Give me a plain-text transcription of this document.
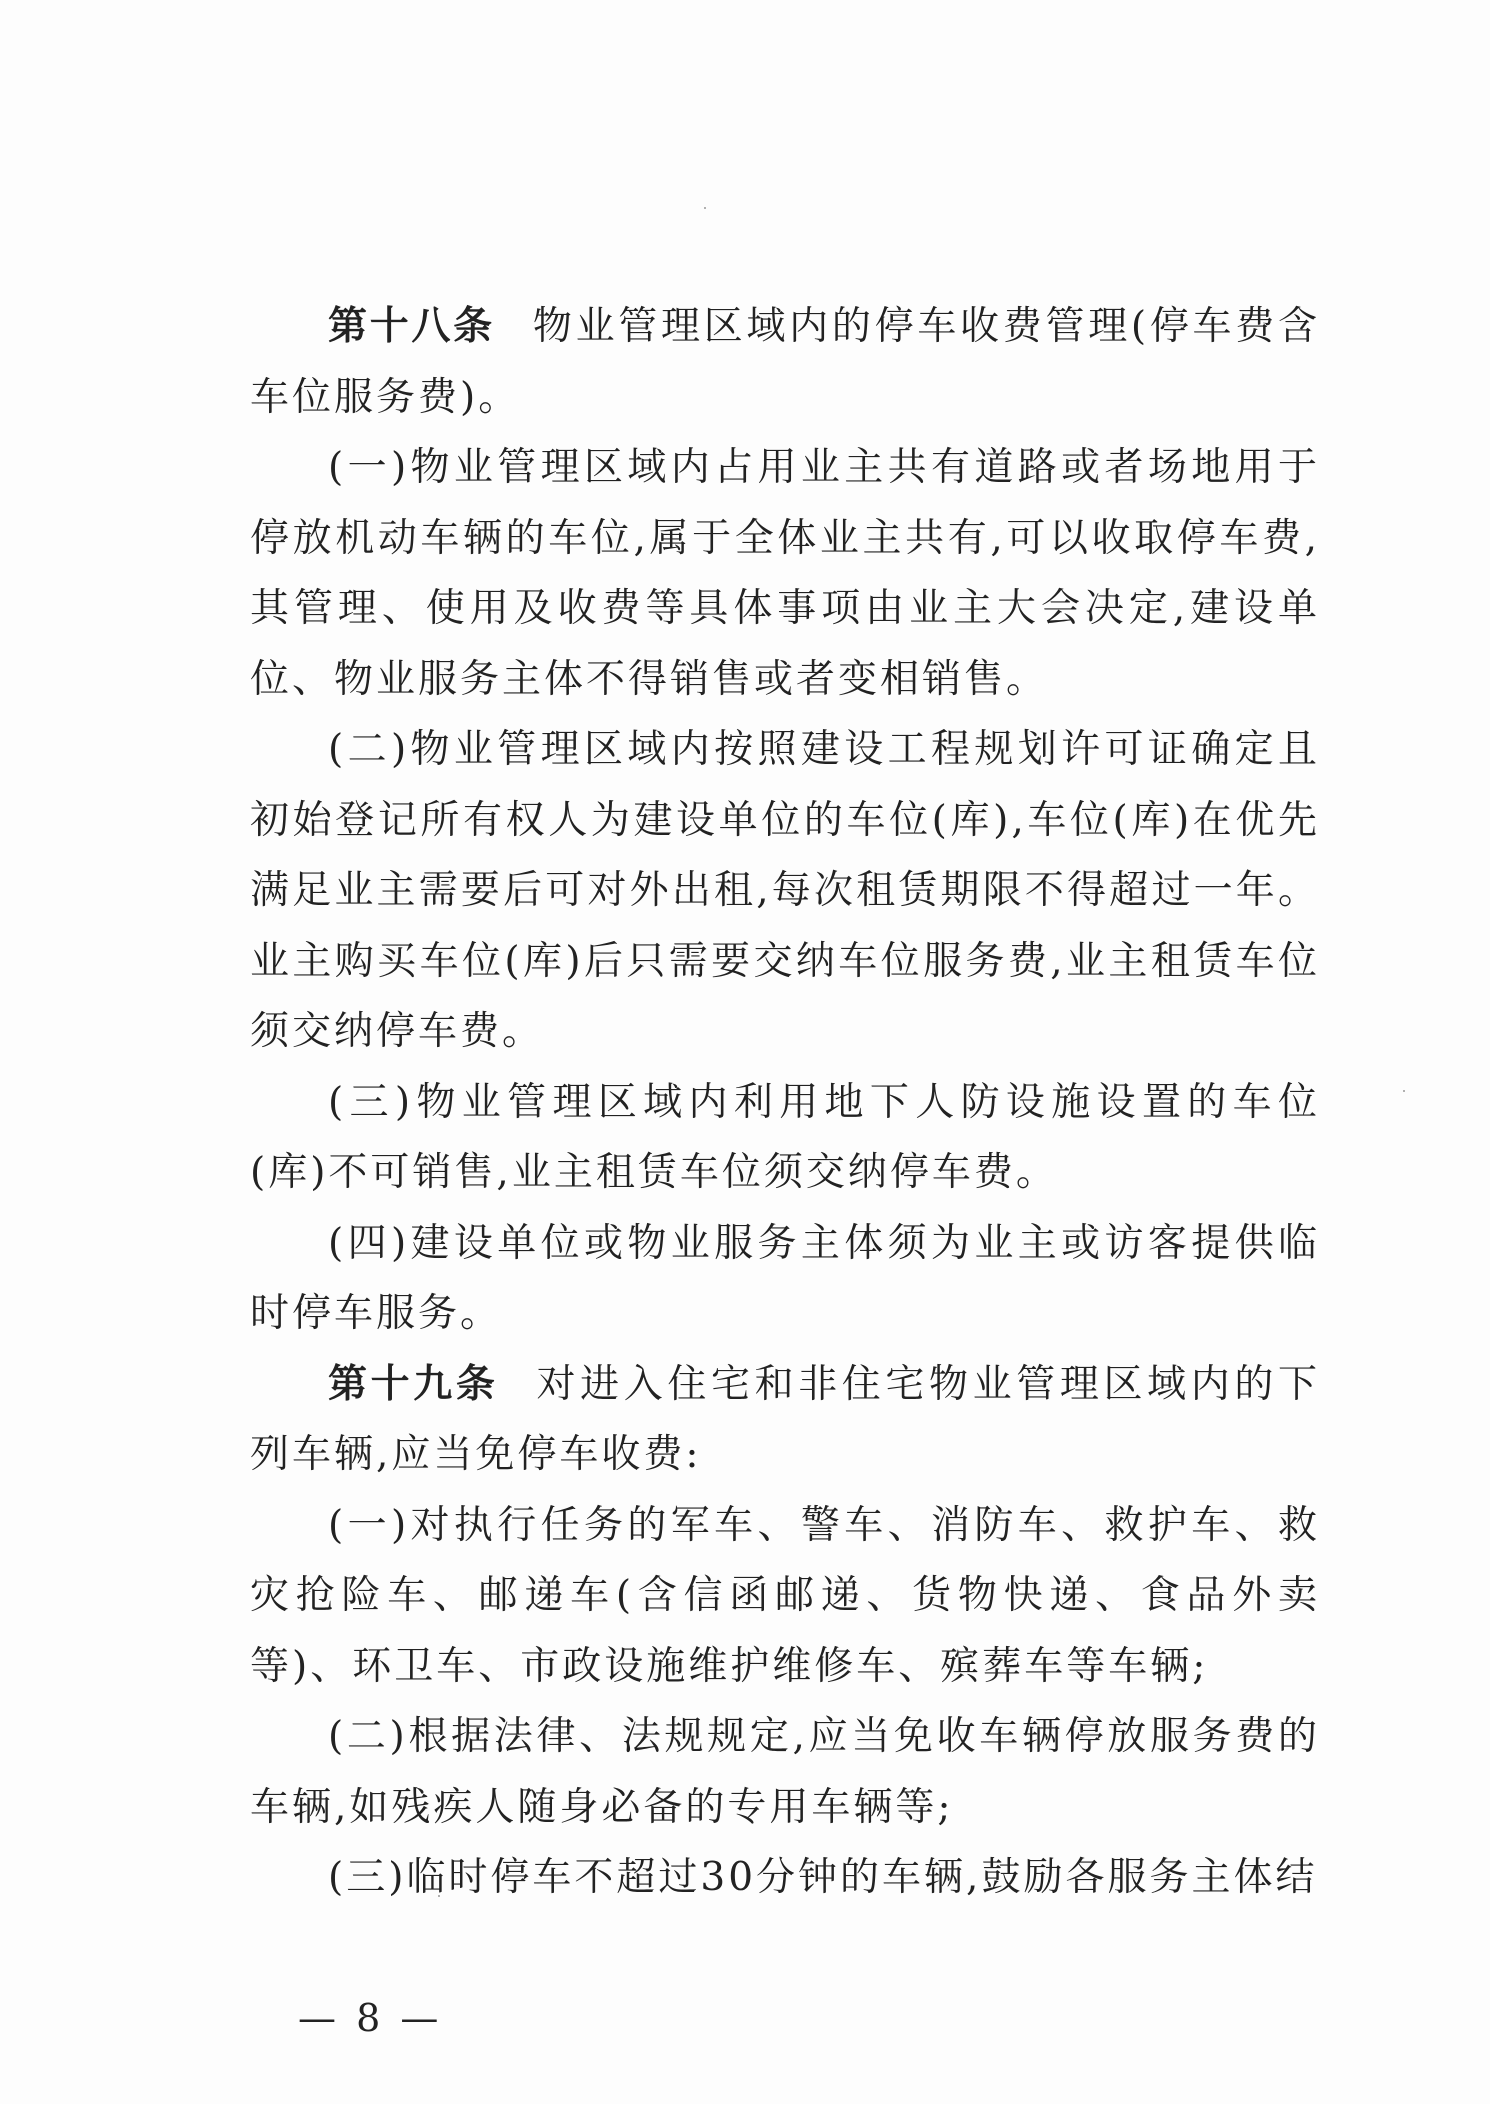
第十八条 物业管理区域内的停车收费管理(停车费含车位服务费)。

(一)物业管理区域内占用业主共有道路或者场地用于停放机动车辆的车位,属于全体业主共有,可以收取停车费,其管理、使用及收费等具体事项由业主大会决定,建设单位、物业服务主体不得销售或者变相销售。

(二)物业管理区域内按照建设工程规划许可证确定且初始登记所有权人为建设单位的车位(库),车位(库)在优先满足业主需要后可对外出租,每次租赁期限不得超过一年。业主购买车位(库)后只需要交纳车位服务费,业主租赁车位须交纳停车费。

(三)物业管理区域内利用地下人防设施设置的车位(库)不可销售,业主租赁车位须交纳停车费。

(四)建设单位或物业服务主体须为业主或访客提供临时停车服务。

第十九条 对进入住宅和非住宅物业管理区域内的下列车辆,应当免停车收费:

(一)对执行任务的军车、警车、消防车、救护车、救灾抢险车、邮递车(含信函邮递、货物快递、食品外卖等)、环卫车、市政设施维护维修车、殡葬车等车辆;

(二)根据法律、法规规定,应当免收车辆停放服务费的车辆,如残疾人随身必备的专用车辆等;

(三)临时停车不超过30分钟的车辆,鼓励各服务主体结

— 8 —
